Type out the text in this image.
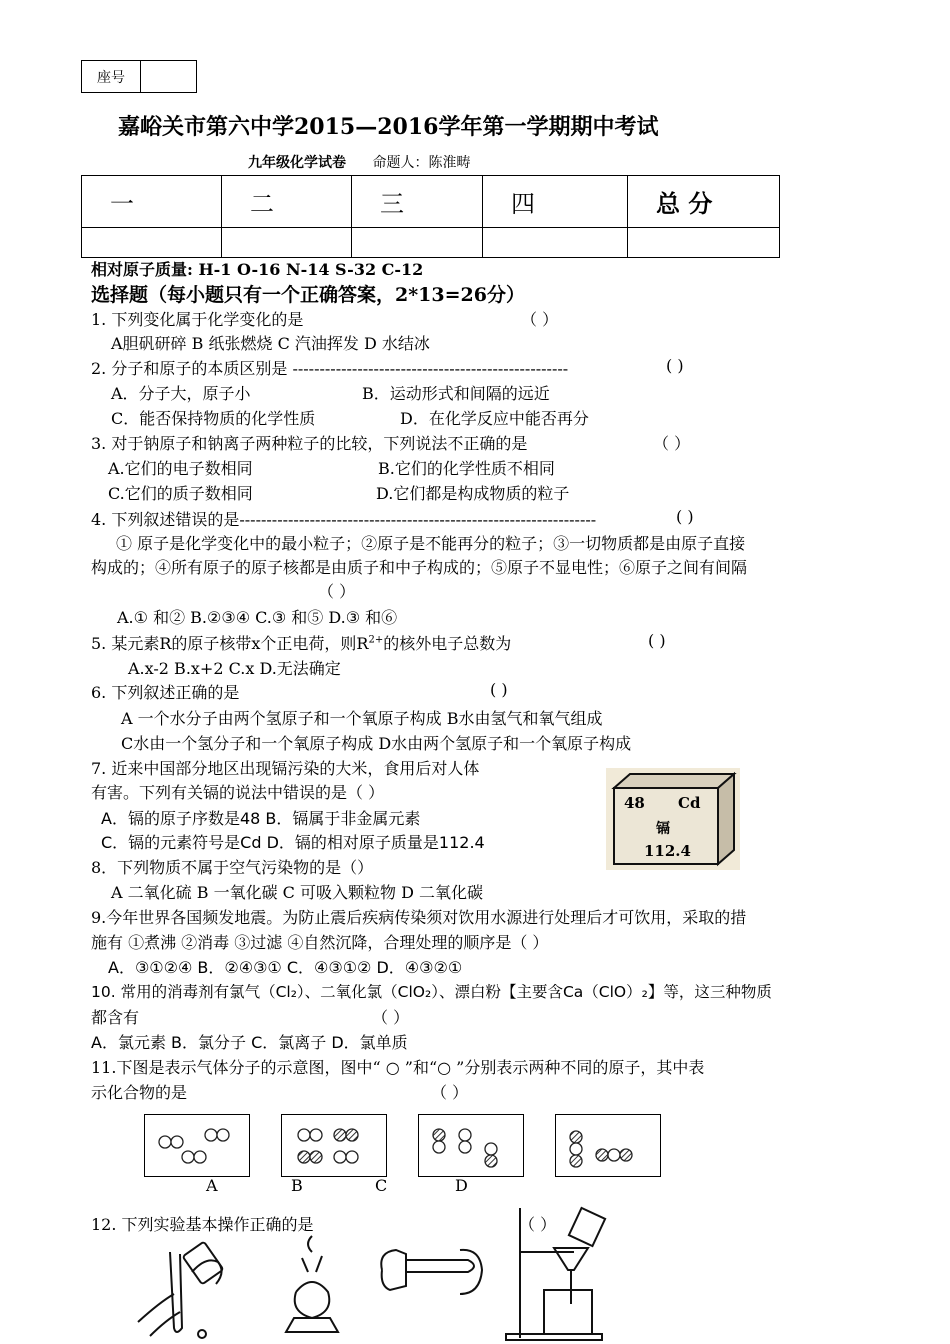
座号
嘉峪关市第六中学2015—2016学年第一学期期中考试
九年级化学试卷 命题人：陈淮畴
一	二	三	四	总 分

相对原子质量: H-1 O-16 N-14 S-32 C-12
选择题（每小题只有一个正确答案，2*13=26分）
1. 下列变化属于化学变化的是	（ ）
A胆矾研碎 B 纸张燃烧 C 汽油挥发 D 水结冰
2. 分子和原子的本质区别是 ---------------------------------------------------	( )
A．分子大，原子小	B．运动形式和间隔的远近
C．能否保持物质的化学性质	D．在化学反应中能否再分
3. 对于钠原子和钠离子两种粒子的比较，下列说法不正确的是	（ ）
A.它们的电子数相同	B.它们的化学性质不相同
C.它们的质子数相同	D.它们都是构成物质的粒子
4. 下列叙述错误的是------------------------------------------------------------------	( )
① 原子是化学变化中的最小粒子；②原子是不能再分的粒子；③一切物质都是由原子直接
构成的；④所有原子的原子核都是由质子和中子构成的；⑤原子不显电性；⑥原子之间有间隔
（ ）
A.① 和② B.②③④ C.③ 和⑤ D.③ 和⑥
5. 某元素R的原子核带x个正电荷，则$R^{2+}$的核外电子总数为	( )
A.x-2 B.x+2 C.x D.无法确定
6. 下列叙述正确的是	( )
A 一个水分子由两个氢原子和一个氧原子构成 B水由氢气和氧气组成
C水由一个氢分子和一个氧原子构成 D水由两个氢原子和一个氧原子构成
7. 近来中国部分地区出现镉污染的大米，食用后对人体
有害。下列有关镉的说法中错误的是（ ）
A．镉的原子序数是48 B．镉属于非金属元素
C．镉的元素符号是Cd D．镉的相对原子质量是112.4
48 Cd
镉
112.4
8．下列物质不属于空气污染物的是（）
A 二氧化硫 B 一氧化碳 C 可吸入颗粒物 D 二氧化碳
9.今年世界各国频发地震。为防止震后疾病传染须对饮用水源进行处理后才可饮用，采取的措
施有 ①煮沸 ②消毒 ③过滤 ④自然沉降，合理处理的顺序是（ ）
A．③①②④ B．②④③① C．④③①② D．④③②①
10. 常用的消毒剂有氯气（Cl₂）、二氧化氯（ClO₂）、漂白粉【主要含Ca（ClO）₂】等，这三种物质
都含有	（ ）
A．氯元素 B．氯分子 C．氯离子 D．氯单质
11.下图是表示气体分子的示意图，图中“ ○ ”和“○ ”分别表示两种不同的原子，其中表
示化合物的是	（ ）
A	B	C	D
12. 下列实验基本操作正确的是	（ ）
